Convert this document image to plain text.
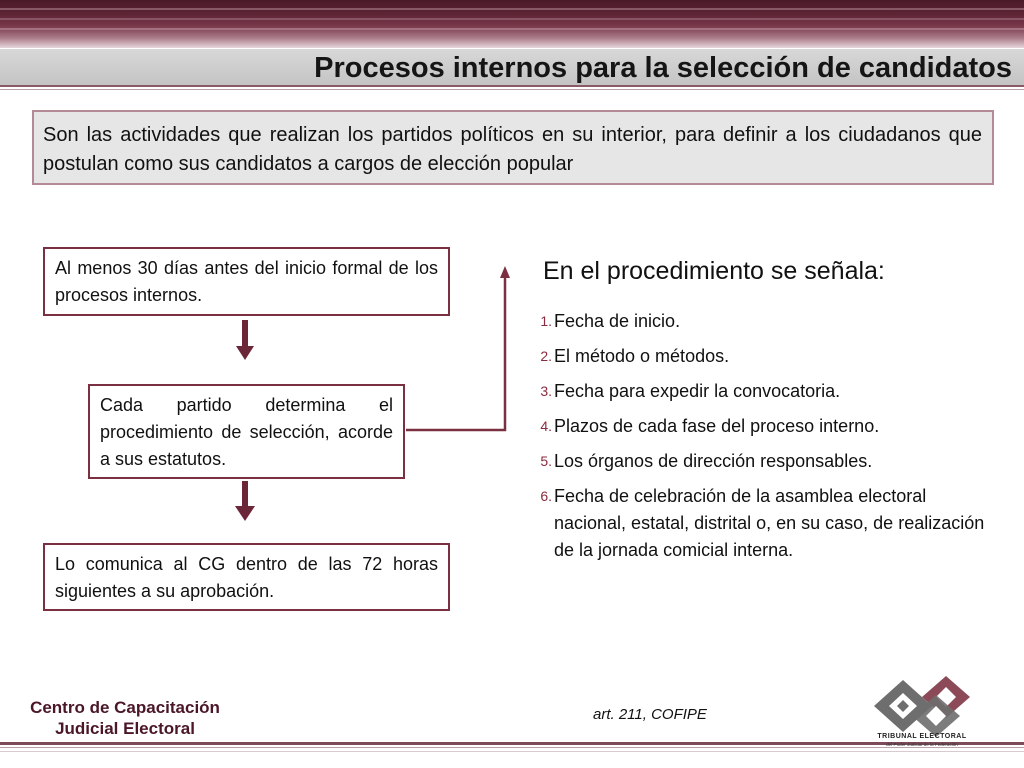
Procesos internos para la selección de candidatos

Son las actividades que realizan los partidos políticos en su interior, para definir a los ciudadanos que postulan como sus candidatos a cargos de elección popular

Al menos 30 días antes del inicio formal de los procesos internos.
Cada partido determina el procedimiento de selección, acorde a sus estatutos.
Lo comunica al CG dentro de las 72 horas siguientes a su aprobación.
En el procedimiento se señala:
1. Fecha de inicio.
2. El método o métodos.
3. Fecha para expedir la convocatoria.
4. Plazos de cada fase del proceso interno.
5. Los órganos de dirección responsables.
6. Fecha de celebración de la asamblea electoral nacional, estatal, distrital o, en su caso, de realización de la jornada comicial interna.
art. 211, COFIPE
Centro de Capacitación
Judicial Electoral	TRIBUNAL ELECTORAL
del Poder Judicial de la Federación
